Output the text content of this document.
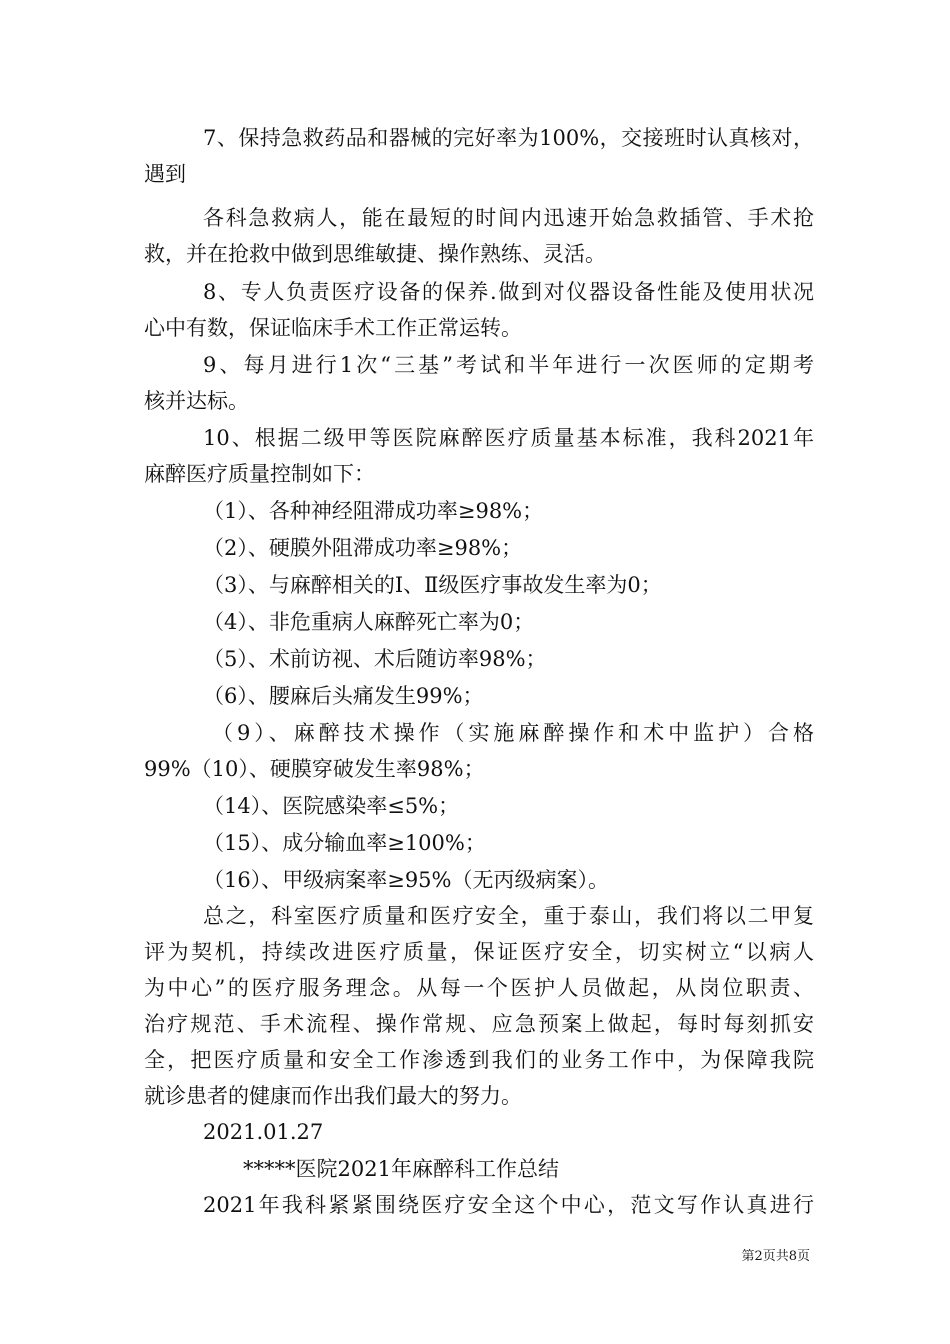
7、保持急救药品和器械的完好率为100%，交接班时认真核对，
遇到
各科急救病人，能在最短的时间内迅速开始急救插管、手术抢
救，并在抢救中做到思维敏捷、操作熟练、灵活。
8、专人负责医疗设备的保养.做到对仪器设备性能及使用状况
心中有数，保证临床手术工作正常运转。
9、每月进行1次“三基”考试和半年进行一次医师的定期考
核并达标。
10、根据二级甲等医院麻醉医疗质量基本标准，我科2021年
麻醉医疗质量控制如下：
（1）、各种神经阻滞成功率≥98%；
（2）、硬膜外阻滞成功率≥98%；
（3）、与麻醉相关的Ⅰ、Ⅱ级医疗事故发生率为0；
（4）、非危重病人麻醉死亡率为0；
（5）、术前访视、术后随访率98%；
（6）、腰麻后头痛发生99%；
（9）、麻醉技术操作（实施麻醉操作和术中监护）合格
99%（10）、硬膜穿破发生率98%；
（14）、医院感染率≤5%；
（15）、成分输血率≥100%；
（16）、甲级病案率≥95%（无丙级病案）。
总之，科室医疗质量和医疗安全，重于泰山，我们将以二甲复
评为契机，持续改进医疗质量，保证医疗安全，切实树立“以病人
为中心”的医疗服务理念。从每一个医护人员做起，从岗位职责、
治疗规范、手术流程、操作常规、应急预案上做起，每时每刻抓安
全，把医疗质量和安全工作渗透到我们的业务工作中，为保障我院
就诊患者的健康而作出我们最大的努力。
2021.01.27
*****医院2021年麻醉科工作总结
2021年我科紧紧围绕医疗安全这个中心，范文写作认真进行
第2页共8页
